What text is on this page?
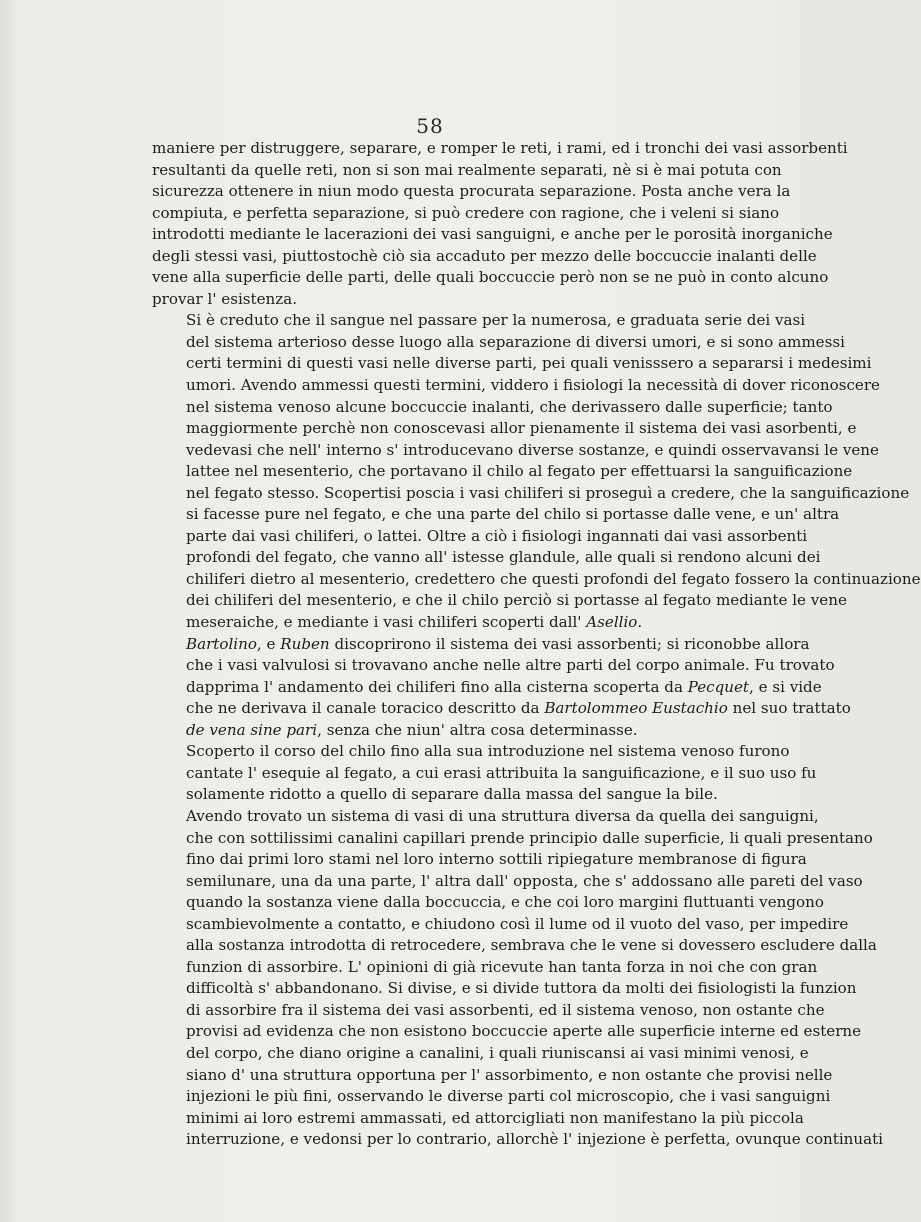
58

maniere per distruggere, separare, e romper le reti, i rami, ed i tronchi dei vasi assorbenti
resultanti da quelle reti, non si son mai realmente separati, nè si è mai potuta con
sicurezza ottenere in niun modo questa procurata separazione. Posta anche vera la
compiuta, e perfetta separazione, si può credere con ragione, che i veleni si siano
introdotti mediante le lacerazioni dei vasi sanguigni, e anche per le porosità inorganiche
degli stessi vasi, piuttostochè ciò sia accaduto per mezzo delle boccuccie inalanti delle
vene alla superficie delle parti, delle quali boccuccie però non se ne può in conto alcuno
provar l' esistenza.

Si è creduto che il sangue nel passare per la numerosa, e graduata serie dei vasi
del sistema arterioso desse luogo alla separazione di diversi umori, e si sono ammessi
certi termini di questi vasi nelle diverse parti, pei quali venisssero a separarsi i medesimi
umori. Avendo ammessi questi termini, viddero i fisiologi la necessità di dover riconoscere
nel sistema venoso alcune boccuccie inalanti, che derivassero dalle superficie; tanto
maggiormente perchè non conoscevasi allor pienamente il sistema dei vasi asorbenti, e
vedevasi che nell' interno s' introducevano diverse sostanze, e quindi osservavansi le vene
lattee nel mesenterio, che portavano il chilo al fegato per effettuarsi la sanguificazione
nel fegato stesso. Scopertisi poscia i vasi chiliferi si proseguì a credere, che la sanguificazione
si facesse pure nel fegato, e che una parte del chilo si portasse dalle vene, e un' altra
parte dai vasi chiliferi, o lattei. Oltre a ciò i fisiologi ingannati dai vasi assorbenti
profondi del fegato, che vanno all' istesse glandule, alle quali si rendono alcuni dei
chiliferi dietro al mesenterio, credettero che questi profondi del fegato fossero la continuazione
dei chiliferi del mesenterio, e che il chilo perciò si portasse al fegato mediante le vene
meseraiche, e mediante i vasi chiliferi scoperti dall' Asellio.

Bartolino, e Ruben discoprirono il sistema dei vasi assorbenti; si riconobbe allora
che i vasi valvulosi si trovavano anche nelle altre parti del corpo animale. Fu trovato
dapprima l' andamento dei chiliferi fino alla cisterna scoperta da Pecquet, e si vide
che ne derivava il canale toracico descritto da Bartolommeo Eustachio nel suo trattato
de vena sine pari, senza che niun' altra cosa determinasse.

Scoperto il corso del chilo fino alla sua introduzione nel sistema venoso furono
cantate l' esequie al fegato, a cui erasi attribuita la sanguificazione, e il suo uso fu
solamente ridotto a quello di separare dalla massa del sangue la bile.

Avendo trovato un sistema di vasi di una struttura diversa da quella dei sanguigni,
che con sottilissimi canalini capillari prende principio dalle superficie, li quali presentano
fino dai primi loro stami nel loro interno sottili ripiegature membranose di figura
semilunare, una da una parte, l' altra dall' opposta, che s' addossano alle pareti del vaso
quando la sostanza viene dalla boccuccia, e che coi loro margini fluttuanti vengono
scambievolmente a contatto, e chiudono così il lume od il vuoto del vaso, per impedire
alla sostanza introdotta di retrocedere, sembrava che le vene si dovessero escludere dalla
funzion di assorbire. L' opinioni di già ricevute han tanta forza in noi che con gran
difficoltà s' abbandonano. Si divise, e si divide tuttora da molti dei fisiologisti la funzion
di assorbire fra il sistema dei vasi assorbenti, ed il sistema venoso, non ostante che
provisi ad evidenza che non esistono boccuccie aperte alle superficie interne ed esterne
del corpo, che diano origine a canalini, i quali riuniscansi ai vasi minimi venosi, e
siano d' una struttura opportuna per l' assorbimento, e non ostante che provisi nelle
injezioni le più fini, osservando le diverse parti col microscopio, che i vasi sanguigni
minimi ai loro estremi ammassati, ed attorcigliati non manifestano la più piccola
interruzione, e vedonsi per lo contrario, allorchè l' injezione è perfetta, ovunque continuati
